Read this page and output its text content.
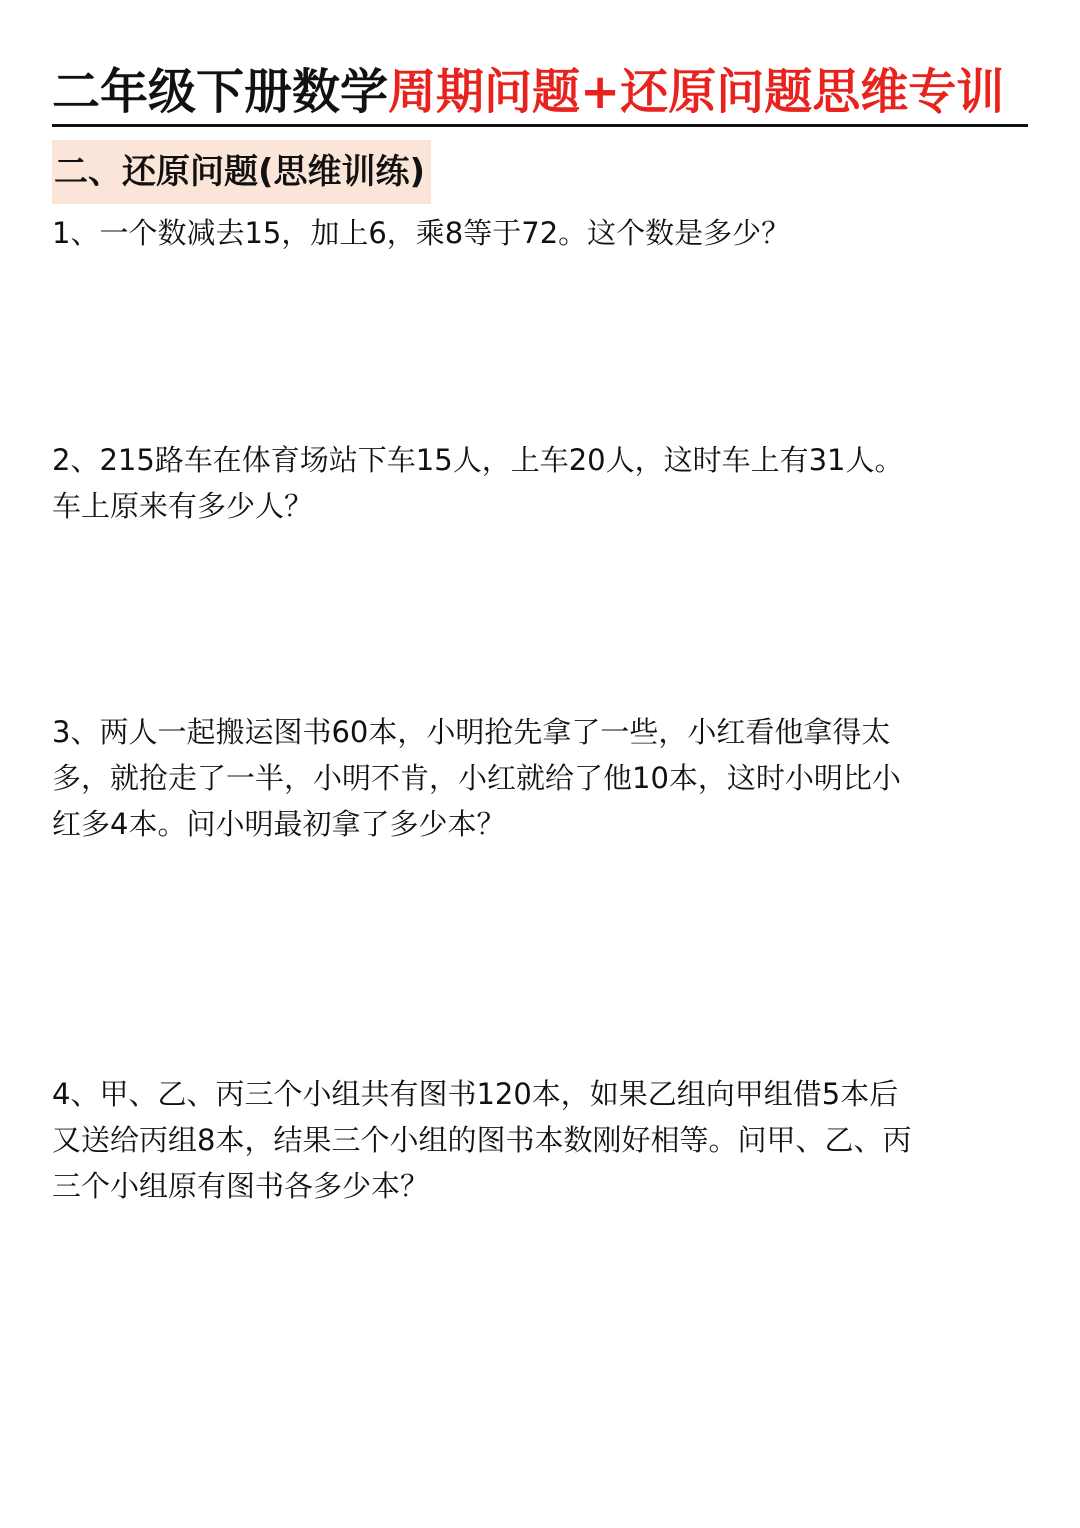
二年级下册数学周期问题+还原问题思维专训
二、还原问题(思维训练)
1、一个数减去15，加上6，乘8等于72。这个数是多少？
2、215路车在体育场站下车15人，上车20人，这时车上有31人。
车上原来有多少人？
3、两人一起搬运图书60本，小明抢先拿了一些，小红看他拿得太
多，就抢走了一半，小明不肯，小红就给了他10本，这时小明比小
红多4本。问小明最初拿了多少本？
4、甲、乙、丙三个小组共有图书120本，如果乙组向甲组借5本后
又送给丙组8本，结果三个小组的图书本数刚好相等。问甲、乙、丙
三个小组原有图书各多少本？
